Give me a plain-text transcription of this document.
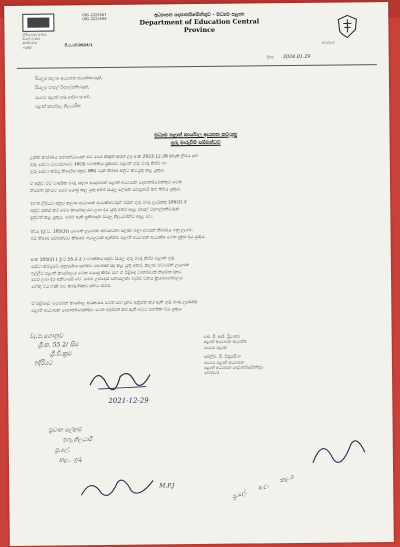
ලිපිගොනු අංකය
ඔබේ අංකය
දුරකථනය
ෆැක්ස්
081-2223567
081-2223599
සී.ප.එම්/2024/1
අධ්‍යාපන දෙපාර්තමේන්තුව - මධ්‍යම පළාත
Department of Education Central Province
මහනුවර
දිනය 2024.01.29
සියලුම කලාප අධ්‍යාපන අධ්‍යක්ෂවරුන්,
සියලුම පාසල් විදුහල්පතිවරුන්,
මධ්‍යම පළාත් ගුරු සේවා සංගම්,
පළාත් කාර්යාල නිලධාරීන්
මධ්‍යම පළාත් කාර්යාල ආයතන කටයුතු
ගුරු මාරුවීම් සම්බන්ධව
උක්ත කාරණය සම්බන්ධයෙන් මීට පෙර නිකුත් කරන ලද අංක 2023.12.28 දිනැති ලිපිය සහ
ගුරු සේවා ව්‍යවස්ථාවේ 10(3) වගන්තිය ප්‍රකාරව පළාත් ගුරු මාරු කිරීම් හා
ගුරු සේවා කමිටු නිර්දේශ අනුව 891 වැනි තීරණ අනුව කටයුතු කළ යුතුය.
ඒ අනුව එම වාර්ෂික මාරු සඳහා අයදුම්පත් පළාත් අධ්‍යාපන දෙපාර්තමේන්තුව වෙත
නියමිත දිනයට පෙර යොමු කළ යුතු අතර සියලු ලේඛන සම්පූර්ණ කර තිබිය යුතුය.
ඉහත ලිපියට අනුව කලාප අධ්‍යාපන අධ්‍යක්ෂවරුන් විසින් ගුරු මාරු ලැයිස්තු 105(1) 2
අනුව සකස් කර මෙම කාර්යාලයට ලබා දිය යුතු අතර අදාළ පාසල් විදුහල්පතිවරුන්
දැනුවත් කළ යුතුය. මෙහි ඇති ප්‍රතිපාදන සියලු නිලධාරීන්ට අදාළ වේ.
තවද (ශ්‍රී.ව. 105(3)) යටතේ ලැබෙන අභියාචනා සලකා බලා අවසන් තීරණය ගනු ලැබේ.
එම තීරණ සම්බන්ධව කිසියම් ගැටලුවක් ඇත්නම් පළාත් අධ්‍යාපන අධ්‍යක්ෂ වෙත දැනුම් දිය යුතුය.
අංක 105(2) ( ශ්‍රී.වී.55.2.2 ) වගන්තිය අනුව සියලු ගුරු මාරු කිරීම් පළාත් ගුරු
සේවා කමිටුවේ අනුමැතිය සහිතව පමණක් සිදු කළ යුතු අතර, කලාප මට්ටමින් ලැබෙන
ඉල්ලීම් පළාත් කාර්යාලය වෙත යොමු කිරීම සහ ඒ පිළිබඳ වාර්තාවක් නියමිත දිනට
පෙර ලබා දීම අනිවාර්ය වේ. මෙම උපදෙස් නොසලකා හැරීම විනය ක්‍රියාමාර්ගවලට
හේතු විය හැකි බව කාරුණිකව දන්වා සිටිමි.
ඒ පිළිබඳව මෙමගින් කාර්යාල අධිකාරය වෙත සහ දැනට අනුමත කර ඇති ගුරු මාරු ලැයිස්තු
පළාත් අධ්‍යාපන දෙපාර්තමේන්තුව වෙත ඉදිරිපත් කර ඇති බවට සහතික විය යුතුය.
ඩබ්. ජී. ආර්. ප්‍රියංකර
පළාත් අධ්‍යාපන අධ්‍යක්ෂ
මධ්‍යම පළාත
ඩබ්ලිව්. ජී. වික්‍රමසිංහ
මධ්‍යම පළාත් අධ්‍යාපන
පළාත් අධ්‍යාපන දෙපාර්තමේන්තුව
මහනුවර
වැ.ප.ගොනුව
ශ්‍රී.ක. 55 2/ සිම
ශ්‍රී.වී.ක්‍රම
ඉදිරියට
2021-12-29
ප්‍රධාන ලේකම්
ඉගැ.නිලධාරී
ප්‍ර.ලේ.
කළ.. ගුරු
M.P.J
ප්‍ර.ලේ. අ.ල. කළ.ප
